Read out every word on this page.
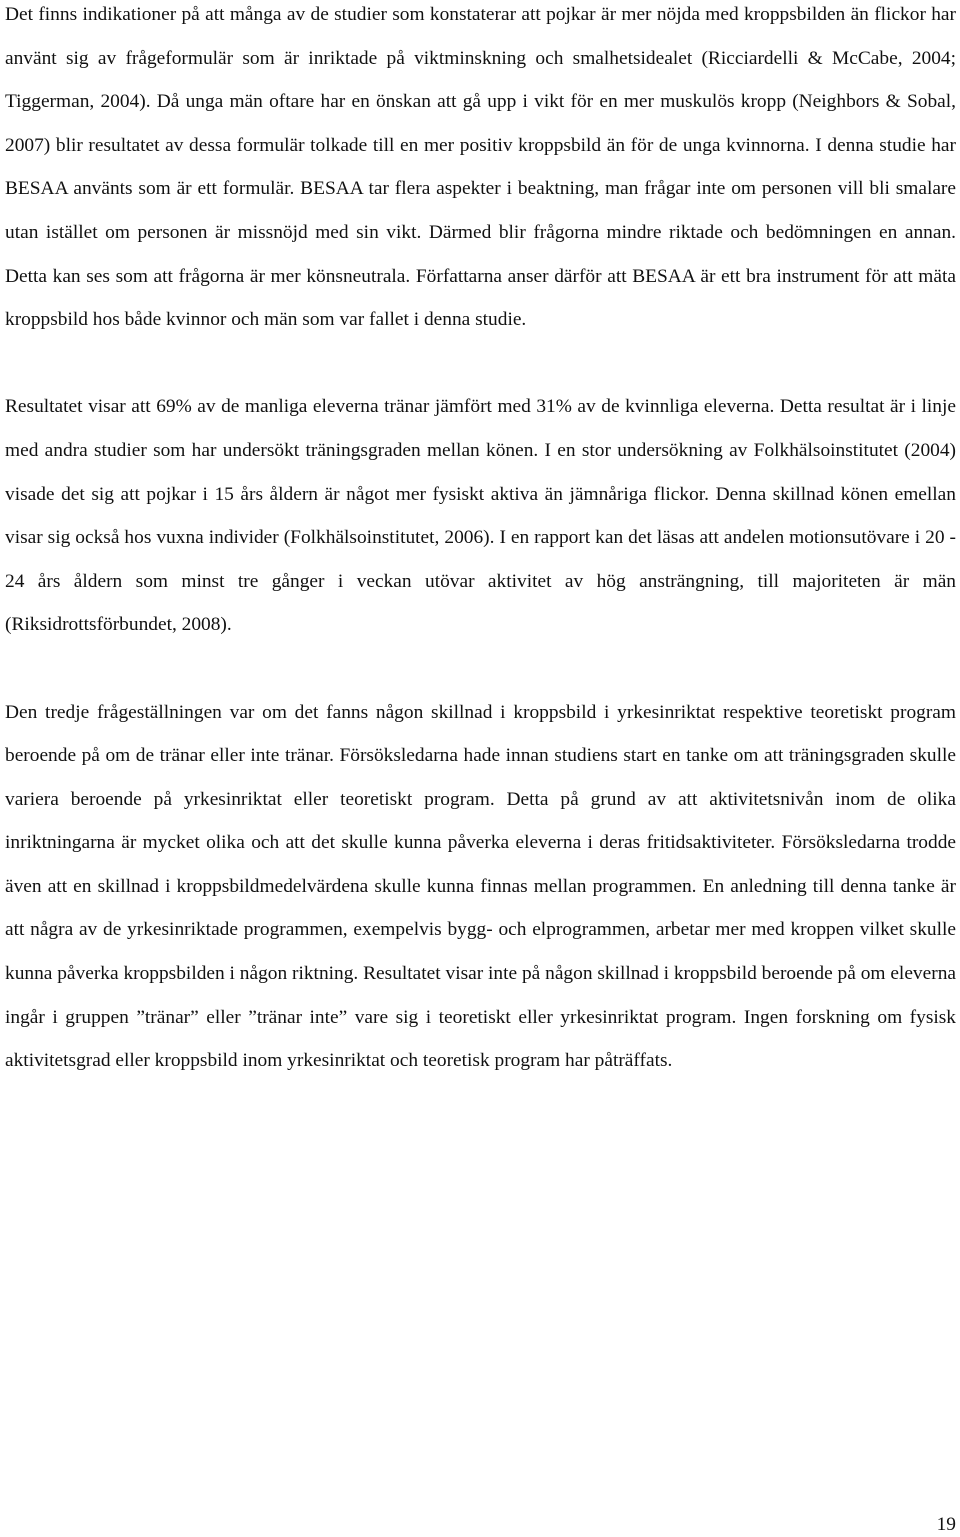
Det finns indikationer på att många av de studier som konstaterar att pojkar är mer nöjda med kroppsbilden än flickor har använt sig av frågeformulär som är inriktade på viktminskning och smalhetsidealet (Ricciardelli & McCabe, 2004; Tiggerman, 2004). Då unga män oftare har en önskan att gå upp i vikt för en mer muskulös kropp (Neighbors & Sobal, 2007) blir resultatet av dessa formulär tolkade till en mer positiv kroppsbild än för de unga kvinnorna. I denna studie har BESAA använts som är ett formulär. BESAA tar flera aspekter i beaktning, man frågar inte om personen vill bli smalare utan istället om personen är missnöjd med sin vikt. Därmed blir frågorna mindre riktade och bedömningen en annan. Detta kan ses som att frågorna är mer könsneutrala. Författarna anser därför att BESAA är ett bra instrument för att mäta kroppsbild hos både kvinnor och män som var fallet i denna studie.

Resultatet visar att 69% av de manliga eleverna tränar jämfört med 31% av de kvinnliga eleverna. Detta resultat är i linje med andra studier som har undersökt träningsgraden mellan könen. I en stor undersökning av Folkhälsoinstitutet (2004) visade det sig att pojkar i 15 års åldern är något mer fysiskt aktiva än jämnåriga flickor. Denna skillnad könen emellan visar sig också hos vuxna individer (Folkhälsoinstitutet, 2006). I en rapport kan det läsas att andelen motionsutövare i 20 - 24 års åldern som minst tre gånger i veckan utövar aktivitet av hög ansträngning, till majoriteten är män (Riksidrottsförbundet, 2008).

Den tredje frågeställningen var om det fanns någon skillnad i kroppsbild i yrkesinriktat respektive teoretiskt program beroende på om de tränar eller inte tränar. Försöksledarna hade innan studiens start en tanke om att träningsgraden skulle variera beroende på yrkesinriktat eller teoretiskt program. Detta på grund av att aktivitetsnivån inom de olika inriktningarna är mycket olika och att det skulle kunna påverka eleverna i deras fritidsaktiviteter. Försöksledarna trodde även att en skillnad i kroppsbildmedelvärdena skulle kunna finnas mellan programmen. En anledning till denna tanke är att några av de yrkesinriktade programmen, exempelvis bygg- och elprogrammen, arbetar mer med kroppen vilket skulle kunna påverka kroppsbilden i någon riktning. Resultatet visar inte på någon skillnad i kroppsbild beroende på om eleverna ingår i gruppen ”tränar” eller ”tränar inte” vare sig i teoretiskt eller yrkesinriktat program. Ingen forskning om fysisk aktivitetsgrad eller kroppsbild inom yrkesinriktat och teoretisk program har påträffats.

19
